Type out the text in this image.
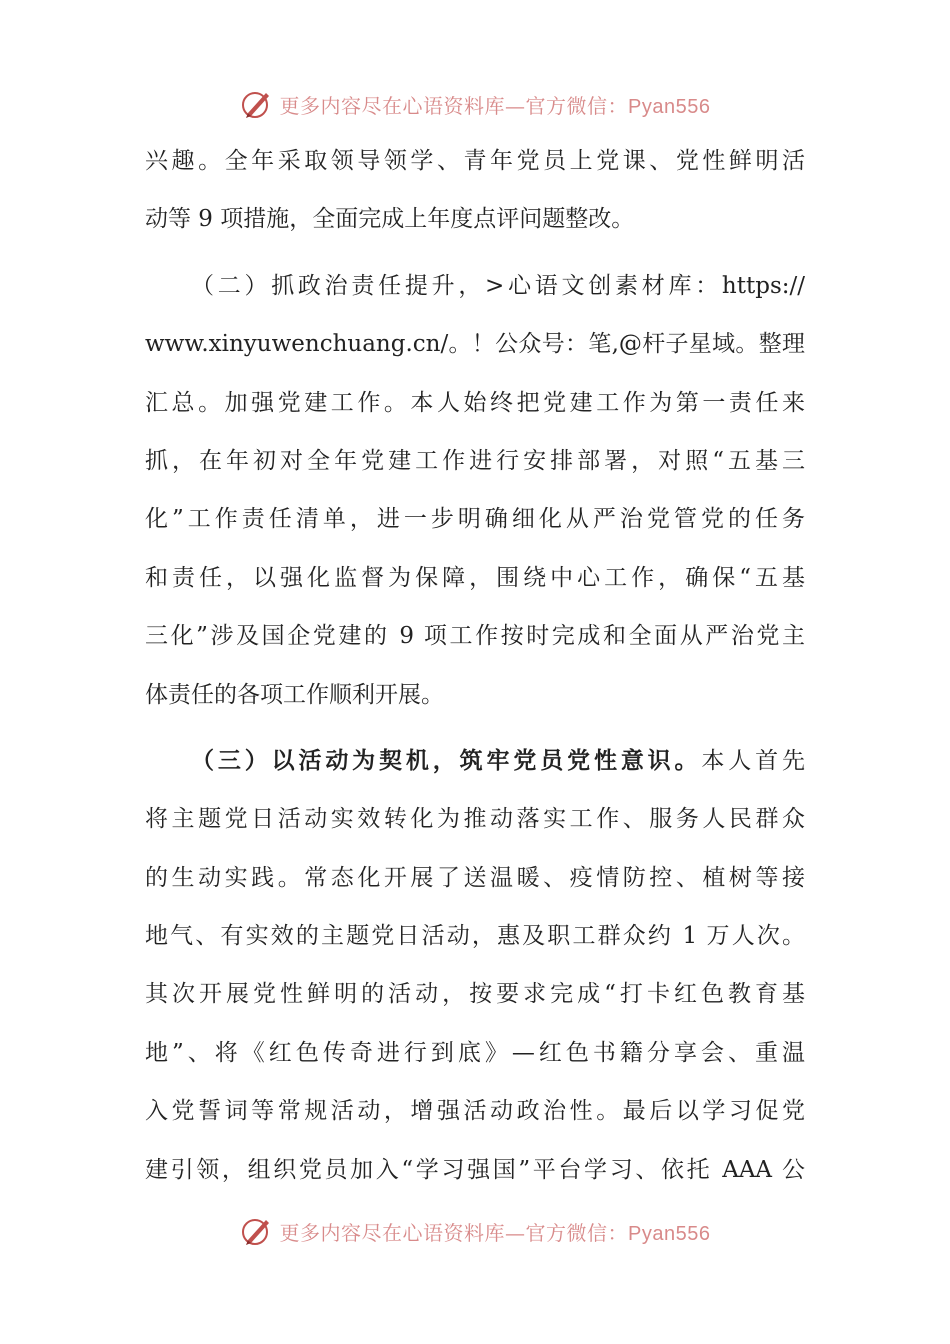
更多内容尽在心语资料库—官方微信：Pyan556
兴趣。全年采取领导领学、青年党员上党课、党性鲜明活
动等 9 项措施，全面完成上年度点评问题整改。
（二）抓政治责任提升，>心语文创素材库：https://
www.xinyuwenchuang.cn/。！公众号：笔,@杆子星域。整理
汇总。加强党建工作。本人始终把党建工作为第一责任来
抓，在年初对全年党建工作进行安排部署，对照“五基三
化”工作责任清单，进一步明确细化从严治党管党的任务
和责任，以强化监督为保障，围绕中心工作，确保“五基
三化”涉及国企党建的 9 项工作按时完成和全面从严治党主
体责任的各项工作顺利开展。
（三）以活动为契机，筑牢党员党性意识。本人首先
将主题党日活动实效转化为推动落实工作、服务人民群众
的生动实践。常态化开展了送温暖、疫情防控、植树等接
地气、有实效的主题党日活动，惠及职工群众约 1 万人次。
其次开展党性鲜明的活动，按要求完成“打卡红色教育基
地”、将《红色传奇进行到底》—红色书籍分享会、重温
入党誓词等常规活动，增强活动政治性。最后以学习促党
建引领，组织党员加入“学习强国”平台学习、依托 AAA 公
更多内容尽在心语资料库—官方微信：Pyan556
